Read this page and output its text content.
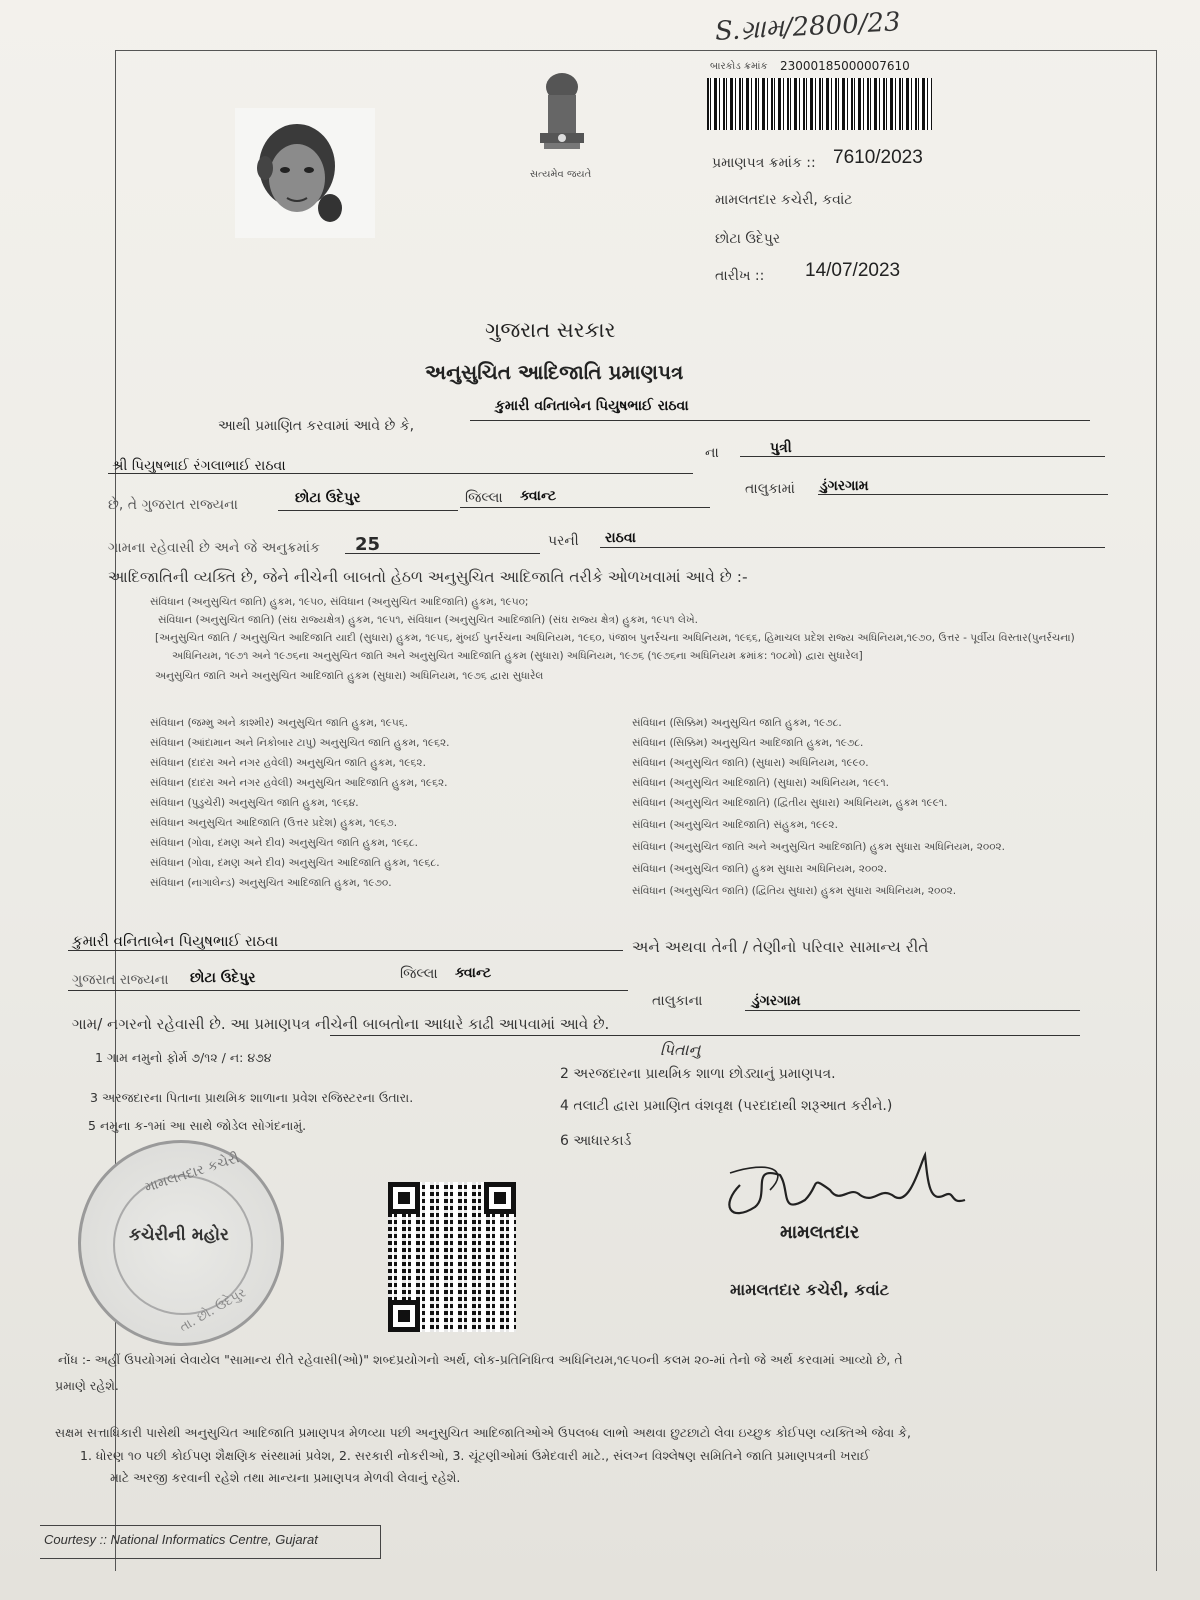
S.ગ્રામ/2800/23
બારકોડ ક્રમાંક 23000185000007610
સત્યમેવ જયતે
પ્રમાણપત્ર ક્રમાંક :: 7610/2023
મામલતદાર કચેરી, કવાંટ
છોટા ઉદેપુર
તારીખ :: 14/07/2023
ગુજરાત સરકાર
અનુસુચિત આદિજાતિ પ્રમાણપત્ર
આથી પ્રમાણિત કરવામાં આવે છે કે,
કુમારી વનિતાબેન પિયુષભાઈ રાઠવા
શ્રી પિયુષભાઈ રંગલાભાઈ રાઠવા
ના	પુત્રી
છે, તે ગુજરાત રાજ્યના	છોટા ઉદેપુર	જિલ્લા ક્વાન્ટ	તાલુકામાં ડુંગરગામ
ગામના રહેવાસી છે અને જે અનુક્રમાંક 25	પરની રાઠવા
આદિજાતિની વ્યક્તિ છે, જેને નીચેની બાબતો હેઠળ અનુસુચિત આદિજાતિ તરીકે ઓળખવામાં આવે છે :-
સંવિધાન (અનુસુચિત જાતિ) હુકમ, ૧૯૫૦, સંવિધાન (અનુસુચિત આદિજાતિ) હુકમ, ૧૯૫૦;
સંવિધાન (અનુસુચિત જાતિ) (સંઘ રાજ્યક્ષેત્ર) હુકમ, ૧૯૫૧, સંવિધાન (અનુસુચિત આદિજાતિ) (સંઘ રાજ્ય ક્ષેત્ર) હુકમ, ૧૯૫૧ લેખે.
[અનુસુચિત જાતિ / અનુસુચિત આદિજાતિ યાદી (સુધારા) હુકમ, ૧૯૫૬, મુંબઈ પુનર્રચના અધિનિયમ, ૧૯૬૦, પંજાબ પુનર્રચના અધિનિયમ, ૧૯૬૬, હિમાચલ પ્રદેશ રાજ્ય અધિનિયમ,૧૯૭૦, ઉત્તર - પૂર્વીય વિસ્તાર(પુનર્રચના)
અધિનિયમ, ૧૯૭૧ અને ૧૯૭૬ના અનુસુચિત જાતિ અને અનુસુચિત આદિજાતિ હુકમ (સુધારા) અધિનિયમ, ૧૯૭૬ (૧૯૭૬ના અધિનિયમ ક્રમાંક: ૧૦૮મો) દ્વારા સુધારેલ]
અનુસુચિત જાતિ અને અનુસુચિત આદિજાતિ હુકમ (સુધારા) અધિનિયમ, ૧૯૭૬ દ્વારા સુધારેલ
સંવિધાન (જમ્મુ અને કાશ્મીર) અનુસુચિત જાતિ હુકમ, ૧૯૫૬.
સંવિધાન (આંદામાન અને નિકોબાર ટાપુ) અનુસુચિત જાતિ હુકમ, ૧૯૬૨.
સંવિધાન (દાદરા અને નગર હવેલી) અનુસુચિત જાતિ હુકમ, ૧૯૬૨.
સંવિધાન (દાદરા અને નગર હવેલી) અનુસુચિત આદિજાતિ હુકમ, ૧૯૬૨.
સંવિધાન (પુડુચેરી) અનુસુચિત જાતિ હુકમ, ૧૯૬૪.
સંવિધાન અનુસુચિત આદિજાતિ (ઉત્તર પ્રદેશ) હુકમ, ૧૯૬૭.
સંવિધાન (ગોવા, દમણ અને દીવ) અનુસુચિત જાતિ હુકમ, ૧૯૬૮.
સંવિધાન (ગોવા, દમણ અને દીવ) અનુસુચિત આદિજાતિ હુકમ, ૧૯૬૮.
સંવિધાન (નાગાલેન્ડ) અનુસુચિત આદિજાતિ હુકમ, ૧૯૭૦.
સંવિધાન (સિક્કિમ) અનુસુચિત જાતિ હુકમ, ૧૯૭૮.
સંવિધાન (સિક્કિમ) અનુસુચિત આદિજાતિ હુકમ, ૧૯૭૮.
સંવિધાન (અનુસુચિત જાતિ) (સુધારા) અધિનિયમ, ૧૯૯૦.
સંવિધાન (અનુસુચિત આદિજાતિ) (સુધારા) અધિનિયમ, ૧૯૯૧.
સંવિધાન (અનુસુચિત આદિજાતિ) (દ્વિતીય સુધારા) અધિનિયમ, હુકમ ૧૯૯૧.
સંવિધાન (અનુસુચિત આદિજાતિ) સંહુકમ, ૧૯૯૨.
સંવિધાન (અનુસુચિત જાતિ અને અનુસુચિત આદિજાતિ) હુકમ સુધારા અધિનિયમ, ૨૦૦૨.
સંવિધાન (અનુસુચિત જાતિ) હુકમ સુધારા અધિનિયમ, ૨૦૦૨.
સંવિધાન (અનુસુચિત જાતિ) (દ્વિતિય સુધારા) હુકમ સુધારા અધિનિયમ, ૨૦૦૨.
કુમારી વનિતાબેન પિયુષભાઈ રાઠવા	અને અથવા તેની / તેણીનો પરિવાર સામાન્ય રીતે
ગુજરાત રાજ્યના છોટા ઉદેપુર	જિલ્લા ક્વાન્ટ
તાલુકાના	ડુંગરગામ
ગામ/ નગરનો રહેવાસી છે. આ પ્રમાણપત્ર નીચેની બાબતોના આધારે કાઢી આપવામાં આવે છે.
1 ગામ નમુનો ફોર્મ ૭/૧૨ / ન: ૪૭૪
2 અરજદારના પ્રાથમિક શાળા છોડ્યાનું પ્રમાણપત્ર.
પિતાનુ
3 અરજદારના પિતાના પ્રાથમિક શાળાના પ્રવેશ રજિસ્ટરના ઉતારા.
4 તલાટી દ્વારા પ્રમાણિત વંશવૃક્ષ (પરદાદાથી શરૂઆત કરીને.)
5 નમુના ક-૧માં આ સાથે જોડેલ સોગંદનામું.
6 આધારકાર્ડ
મામલતદાર કચેરી
કચેરીની મહોર
તા. છો. ઉદેપુર
મામલતદાર
મામલતદાર કચેરી, કવાંટ
નોંધ :- અહીં ઉપયોગમાં લેવાયેલ "સામાન્ય રીતે રહેવાસી(ઓ)" શબ્દપ્રયોગનો અર્થ, લોક-પ્રતિનિધિત્વ અધિનિયમ,૧૯૫૦ની કલમ ૨૦-માં તેનો જે અર્થ કરવામાં આવ્યો છે, તે
પ્રમાણે રહેશે.
સક્ષમ સત્તાધિકારી પાસેથી અનુસુચિત આદિજાતિ પ્રમાણપત્ર મેળવ્યા પછી અનુસુચિત આદિજાતિઓએ ઉપલબ્ધ લાભો અથવા છુટછાટો લેવા ઇચ્છુક કોઈપણ વ્યક્તિએ જેવા કે,
1. ધોરણ ૧૦ પછી કોઈપણ શૈક્ષણિક સંસ્થામાં પ્રવેશ, 2. સરકારી નોકરીઓ, 3. ચૂંટણીઓમાં ઉમેદવારી માટે., સંલગ્ન વિશ્લેષણ સમિતિને જાતિ પ્રમાણપત્રની ખરાઈ
માટે અરજી કરવાની રહેશે તથા માન્યના પ્રમાણપત્ર મેળવી લેવાનું રહેશે.
Courtesy :: National Informatics Centre, Gujarat
